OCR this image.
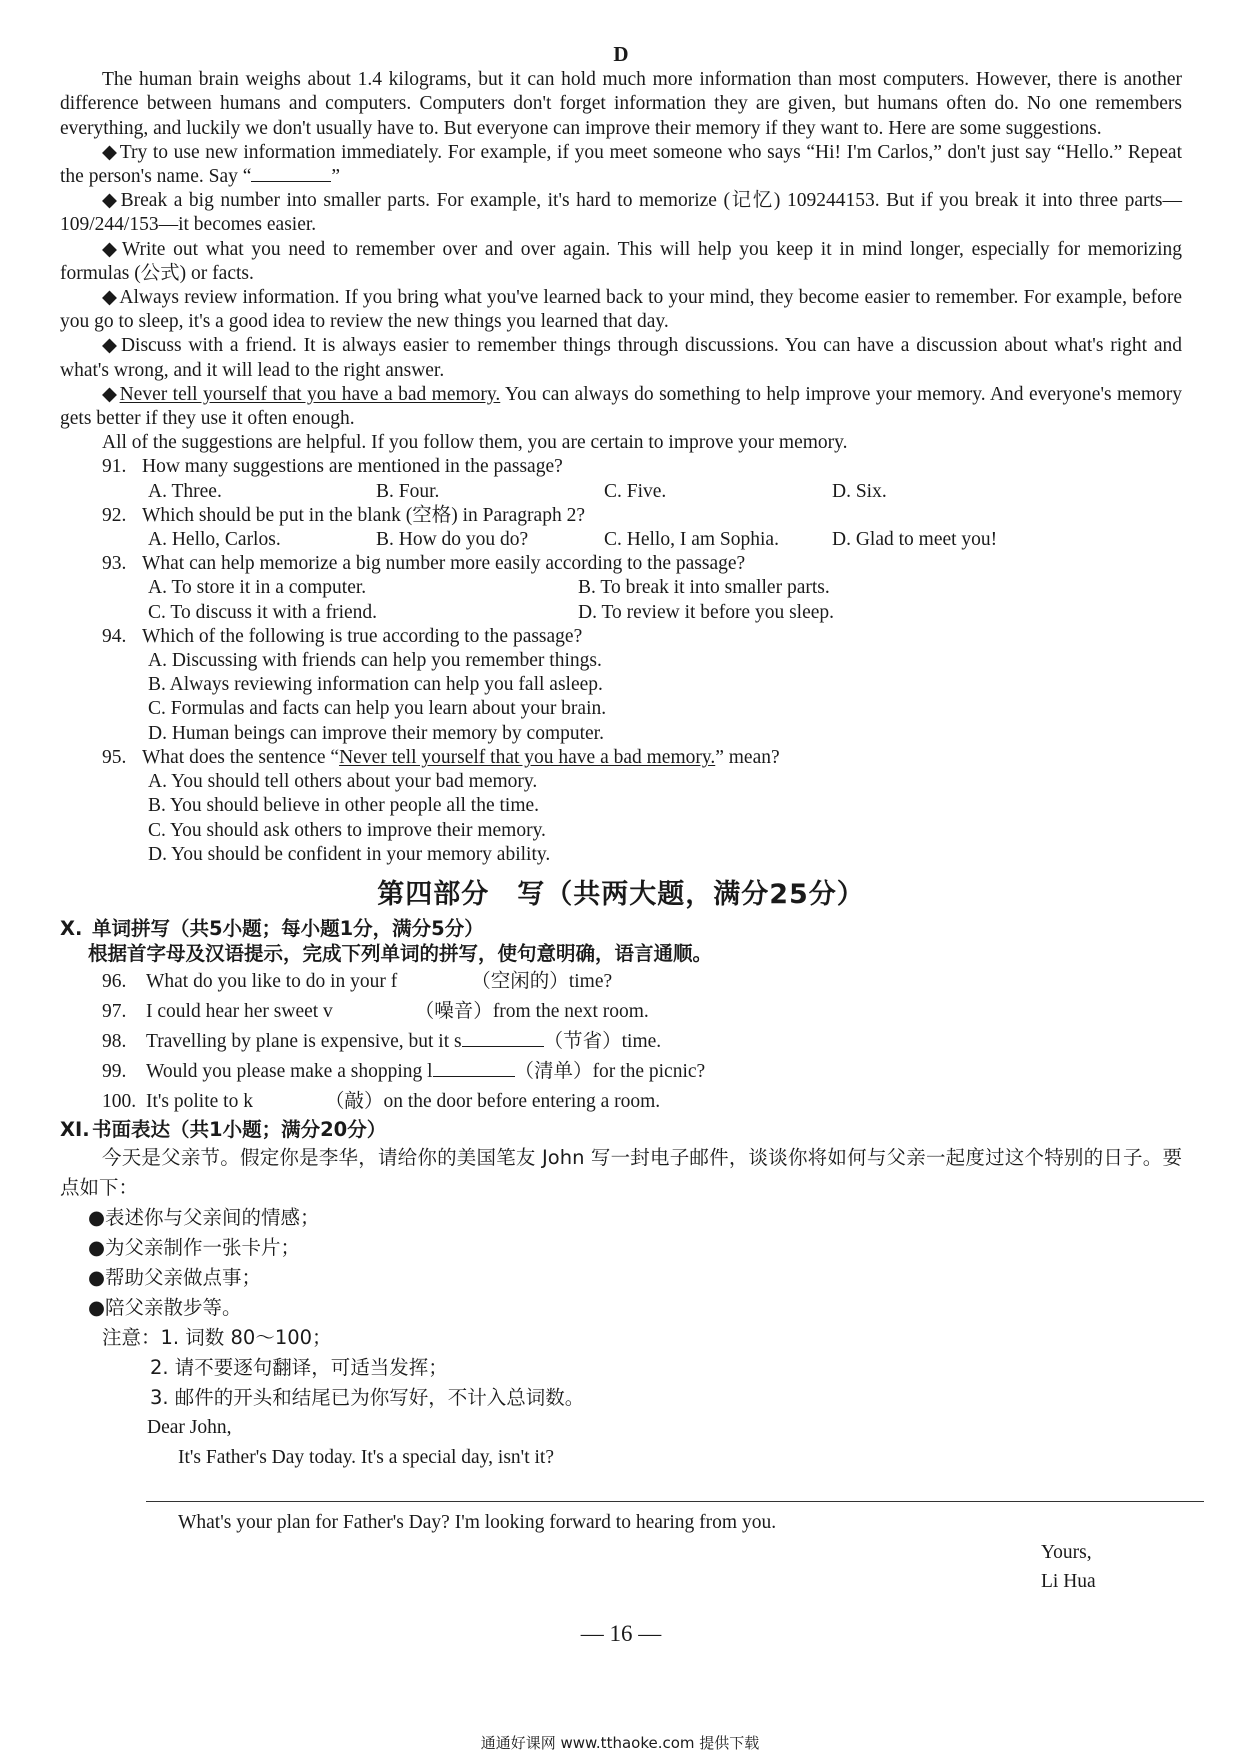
D

The human brain weighs about 1.4 kilograms, but it can hold much more information than most computers. However, there is another difference between humans and computers. Computers don't forget information they are given, but humans often do. No one remembers everything, and luckily we don't usually have to. But everyone can improve their memory if they want to. Here are some suggestions.

◆ Try to use new information immediately. For example, if you meet someone who says “Hi! I'm Carlos,” don't just say “Hello.” Repeat the person's name. Say “	”

◆ Break a big number into smaller parts. For example, it's hard to memorize (记忆) 109244153. But if you break it into three parts—109/244/153—it becomes easier.

◆ Write out what you need to remember over and over again. This will help you keep it in mind longer, especially for memorizing formulas (公式) or facts.

◆ Always review information. If you bring what you've learned back to your mind, they become easier to remember. For example, before you go to sleep, it's a good idea to review the new things you learned that day.

◆ Discuss with a friend. It is always easier to remember things through discussions. You can have a discussion about what's right and what's wrong, and it will lead to the right answer.

◆ Never tell yourself that you have a bad memory. You can always do something to help improve your memory. And everyone's memory gets better if they use it often enough.

All of the suggestions are helpful. If you follow them, you are certain to improve your memory.

91. How many suggestions are mentioned in the passage?
A. Three.	B. Four.	C. Five.	D. Six.
92. Which should be put in the blank (空格) in Paragraph 2?
A. Hello, Carlos.	B. How do you do?	C. Hello, I am Sophia.	D. Glad to meet you!
93. What can help memorize a big number more easily according to the passage?
A. To store it in a computer.	B. To break it into smaller parts.
C. To discuss it with a friend.	D. To review it before you sleep.
94. Which of the following is true according to the passage?
A. Discussing with friends can help you remember things.
B. Always reviewing information can help you fall asleep.
C. Formulas and facts can help you learn about your brain.
D. Human beings can improve their memory by computer.
95. What does the sentence “Never tell yourself that you have a bad memory.” mean?
A. You should tell others about your bad memory.
B. You should believe in other people all the time.
C. You should ask others to improve their memory.
D. You should be confident in your memory ability.
第四部分　写（共两大题，满分25分）
X. 单词拼写（共5小题；每小题1分，满分5分）
根据首字母及汉语提示，完成下列单词的拼写，使句意明确，语言通顺。
96. What do you like to do in your f	（空闲的）time?
97. I could hear her sweet v	（噪音）from the next room.
98. Travelling by plane is expensive, but it s	（节省）time.
99. Would you please make a shopping l	（清单）for the picnic?
100. It's polite to k	（敲）on the door before entering a room.
XI. 书面表达（共1小题；满分20分）
今天是父亲节。假定你是李华，请给你的美国笔友 John 写一封电子邮件，谈谈你将如何与父亲一起度过这个特别的日子。要点如下：
●表述你与父亲间的情感；
●为父亲制作一张卡片；
●帮助父亲做点事；
●陪父亲散步等。
注意：1. 词数 80～100；
2. 请不要逐句翻译，可适当发挥；
3. 邮件的开头和结尾已为你写好，不计入总词数。
Dear John,
It's Father's Day today. It's a special day, isn't it?
What's your plan for Father's Day? I'm looking forward to hearing from you.
Yours,
Li Hua
— 16 —
通通好课网 www.tthaoke.com 提供下载
